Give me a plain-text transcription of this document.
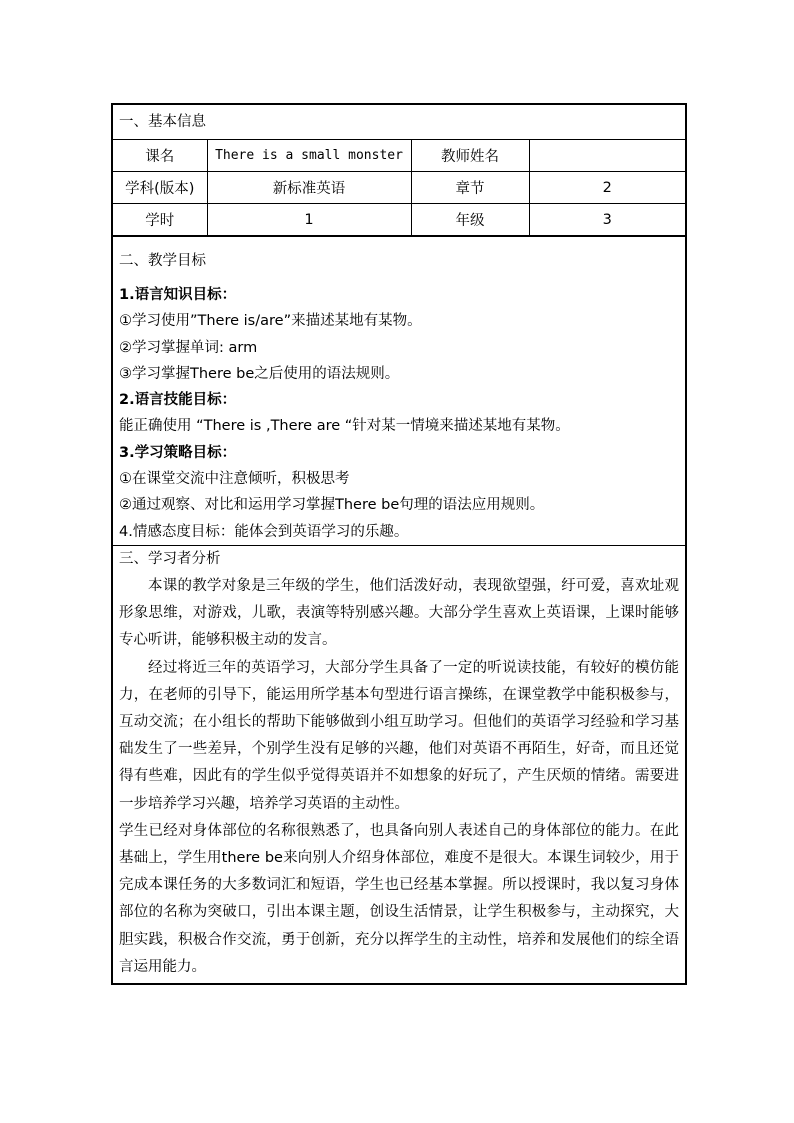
一、基本信息
课名	There is a small monster	教师姓名	
学科(版本)	新标准英语	章节	2
学时	1	年级	3
二、教学目标

1.语言知识目标：

①学习使用”There is/are”来描述某地有某物。

②学习掌握单词: arm

③学习掌握There be之后使用的语法规则。

2.语言技能目标：

能正确使用 “There is ,There are “针对某一情境来描述某地有某物。

3.学习策略目标：

①在课堂交流中注意倾听，积极思考

②通过观察、对比和运用学习掌握There be句理的语法应用规则。

4.情感态度目标：能体会到英语学习的乐趣。

三、学习者分析

本课的教学对象是三年级的学生，他们活泼好动，表现欲望强，纡可爱，喜欢址观形象思维，对游戏，儿歌，表演等特别感兴趣。大部分学生喜欢上英语课，上课时能够专心听讲，能够积极主动的发言。

经过将近三年的英语学习，大部分学生具备了一定的听说读技能，有较好的模仿能力，在老师的引导下，能运用所学基本句型进行语言操练，在课堂教学中能积极参与，互动交流；在小组长的帮助下能够做到小组互助学习。但他们的英语学习经验和学习基础发生了一些差异，个别学生没有足够的兴趣，他们对英语不再陌生，好奇，而且还觉得有些难，因此有的学生似乎觉得英语并不如想象的好玩了，产生厌烦的情绪。需要进一步培养学习兴趣，培养学习英语的主动性。

学生已经对身体部位的名称很熟悉了，也具备向别人表述自己的身体部位的能力。在此基础上，学生用there be来向别人介绍身体部位，难度不是很大。本课生词较少，用于完成本课任务的大多数词汇和短语，学生也已经基本掌握。所以授课时，我以复习身体部位的名称为突破口，引出本课主题，创设生活情景，让学生积极参与，主动探究，大胆实践，积极合作交流，勇于创新，充分以挥学生的主动性，培养和发展他们的综全语言运用能力。
